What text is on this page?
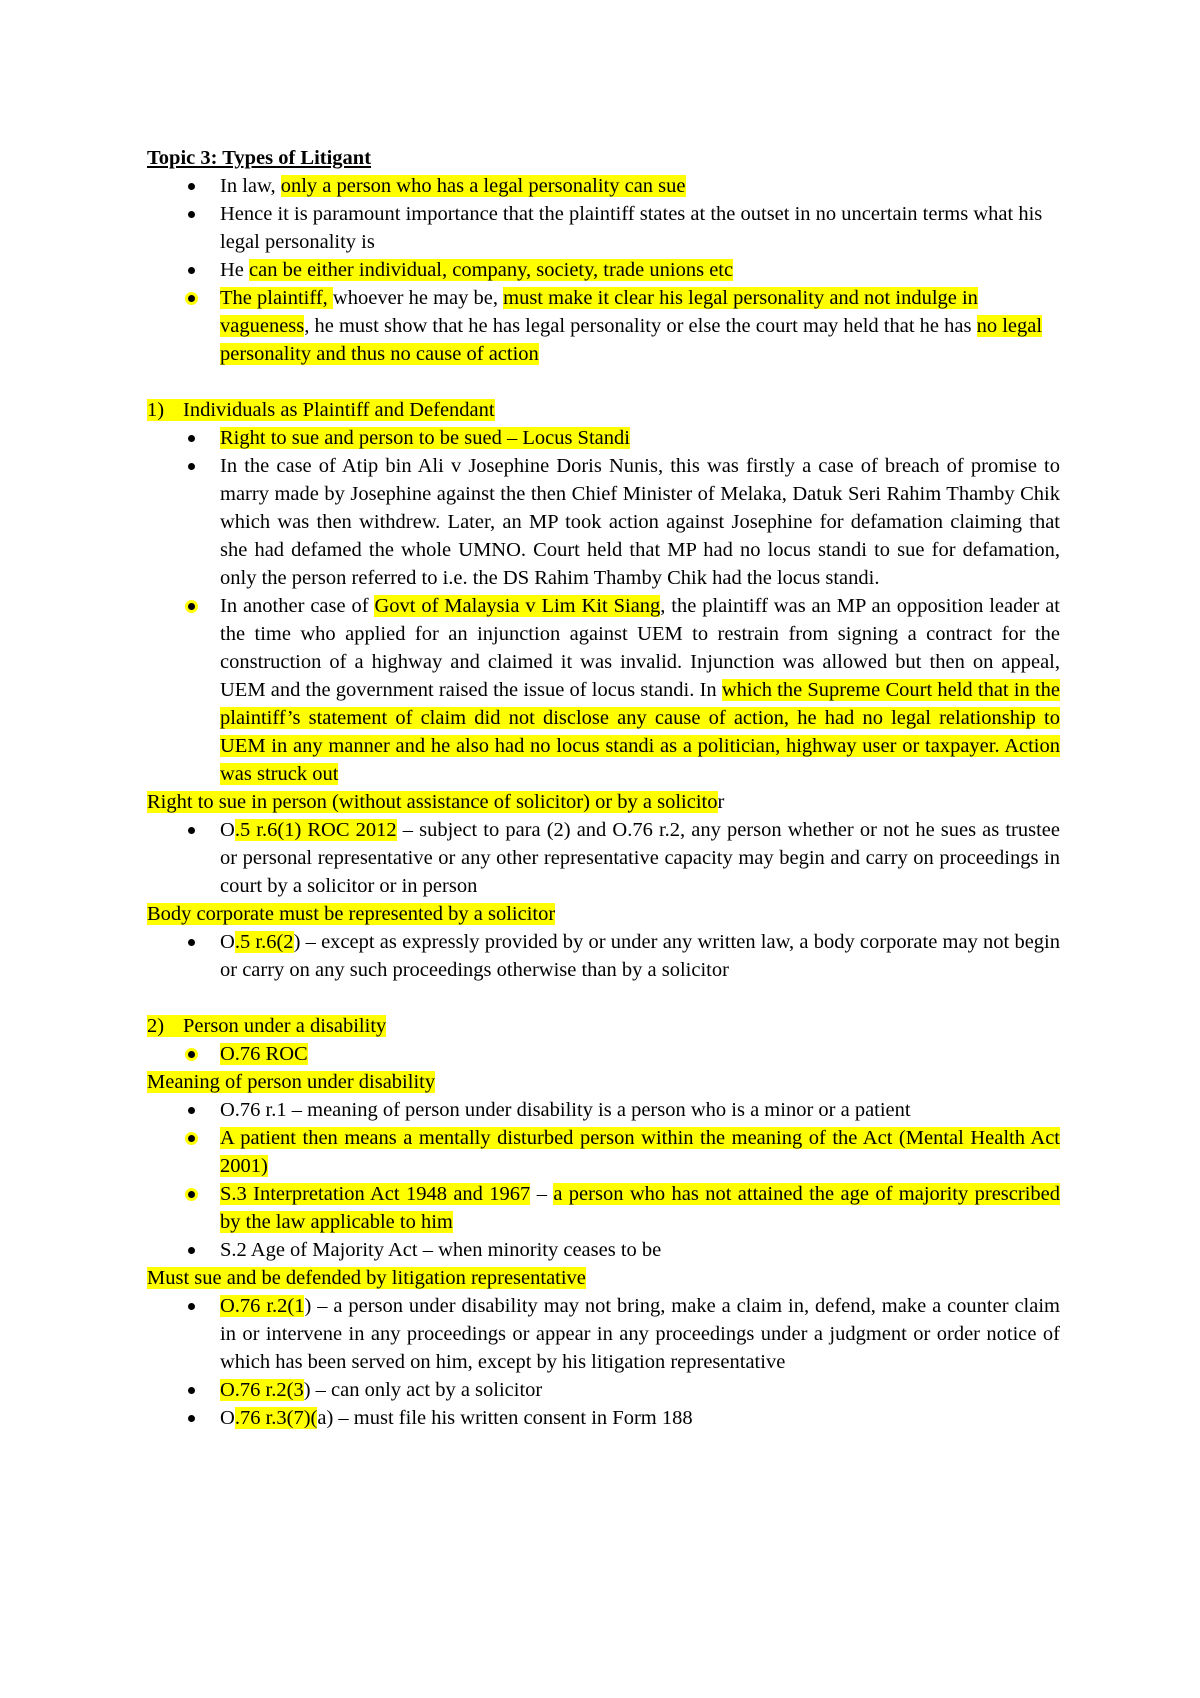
Topic 3: Types of Litigant
In law, only a person who has a legal personality can sue
Hence it is paramount importance that the plaintiff states at the outset in no uncertain terms what his legal personality is
He can be either individual, company, society, trade unions etc
The plaintiff, whoever he may be, must make it clear his legal personality and not indulge in vagueness, he must show that he has legal personality or else the court may held that he has no legal personality and thus no cause of action
1) Individuals as Plaintiff and Defendant
Right to sue and person to be sued – Locus Standi
In the case of Atip bin Ali v Josephine Doris Nunis, this was firstly a case of breach of promise to marry made by Josephine against the then Chief Minister of Melaka, Datuk Seri Rahim Thamby Chik which was then withdrew. Later, an MP took action against Josephine for defamation claiming that she had defamed the whole UMNO. Court held that MP had no locus standi to sue for defamation, only the person referred to i.e. the DS Rahim Thamby Chik had the locus standi.
In another case of Govt of Malaysia v Lim Kit Siang, the plaintiff was an MP an opposition leader at the time who applied for an injunction against UEM to restrain from signing a contract for the construction of a highway and claimed it was invalid. Injunction was allowed but then on appeal, UEM and the government raised the issue of locus standi. In which the Supreme Court held that in the plaintiff’s statement of claim did not disclose any cause of action, he had no legal relationship to UEM in any manner and he also had no locus standi as a politician, highway user or taxpayer. Action was struck out
Right to sue in person (without assistance of solicitor) or by a solicitor
O.5 r.6(1) ROC 2012 – subject to para (2) and O.76 r.2, any person whether or not he sues as trustee or personal representative or any other representative capacity may begin and carry on proceedings in court by a solicitor or in person
Body corporate must be represented by a solicitor
O.5 r.6(2) – except as expressly provided by or under any written law, a body corporate may not begin or carry on any such proceedings otherwise than by a solicitor
2) Person under a disability
O.76 ROC
Meaning of person under disability
O.76 r.1 – meaning of person under disability is a person who is a minor or a patient
A patient then means a mentally disturbed person within the meaning of the Act (Mental Health Act 2001)
S.3 Interpretation Act 1948 and 1967 – a person who has not attained the age of majority prescribed by the law applicable to him
S.2 Age of Majority Act – when minority ceases to be
Must sue and be defended by litigation representative
O.76 r.2(1) – a person under disability may not bring, make a claim in, defend, make a counter claim in or intervene in any proceedings or appear in any proceedings under a judgment or order notice of which has been served on him, except by his litigation representative
O.76 r.2(3) – can only act by a solicitor
O.76 r.3(7)(a) – must file his written consent in Form 188
